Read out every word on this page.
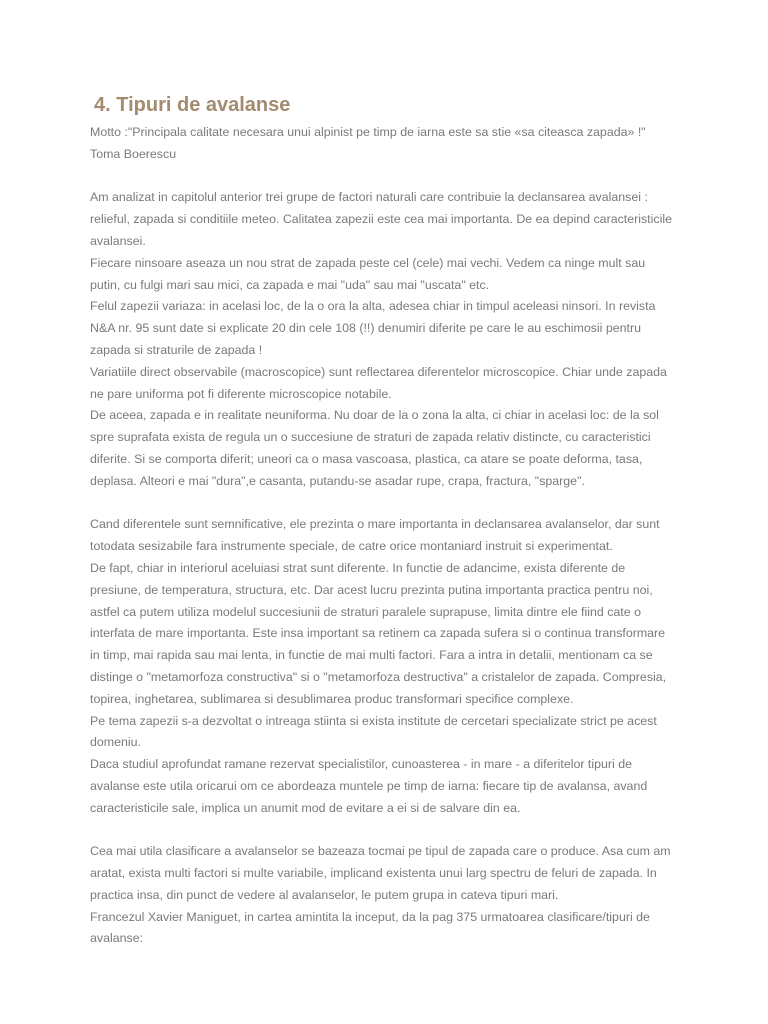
4. Tipuri de avalanse

Motto :"Principala calitate necesara unui alpinist pe timp de iarna este sa stie «sa citeasca zapada» !"

Toma Boerescu

Am analizat in capitolul anterior trei grupe de factori naturali care contribuie la declansarea avalansei : relieful, zapada si conditiile meteo. Calitatea zapezii este cea mai importanta. De ea depind caracteristicile avalansei.

Fiecare ninsoare aseaza un nou strat de zapada peste cel (cele) mai vechi. Vedem ca ninge mult sau putin, cu fulgi mari sau mici, ca zapada e mai "uda" sau mai "uscata" etc.

Felul zapezii variaza: in acelasi loc, de la o ora la alta, adesea chiar in timpul aceleasi ninsori. In revista N&A nr. 95 sunt date si explicate 20 din cele 108 (!!) denumiri diferite pe care le au eschimosii pentru zapada si straturile de zapada !

Variatiile direct observabile (macroscopice) sunt reflectarea diferentelor microscopice. Chiar unde zapada ne pare uniforma pot fi diferente microscopice notabile.

De aceea, zapada e in realitate neuniforma. Nu doar de la o zona la alta, ci chiar in acelasi loc: de la sol spre suprafata exista de regula un o succesiune de straturi de zapada relativ distincte, cu caracteristici diferite. Si se comporta diferit; uneori ca o masa vascoasa, plastica, ca atare se poate deforma, tasa, deplasa. Alteori e mai "dura",e casanta, putandu-se asadar rupe, crapa, fractura, "sparge".

Cand diferentele sunt semnificative, ele prezinta o mare importanta in declansarea avalanselor, dar sunt totodata sesizabile fara instrumente speciale, de catre orice montaniard instruit si experimentat.

De fapt, chiar in interiorul aceluiasi strat sunt diferente. In functie de adancime, exista diferente de presiune, de temperatura, structura, etc. Dar acest lucru prezinta putina importanta practica pentru noi, astfel ca putem utiliza modelul succesiunii de straturi paralele suprapuse, limita dintre ele fiind cate o interfata de mare importanta. Este insa important sa retinem ca zapada sufera si o continua transformare in timp, mai rapida sau mai lenta, in functie de mai multi factori. Fara a intra in detalii, mentionam ca se distinge o "metamorfoza constructiva" si o "metamorfoza destructiva" a cristalelor de zapada. Compresia, topirea, inghetarea, sublimarea si desublimarea produc transformari specifice complexe.

Pe tema zapezii s-a dezvoltat o intreaga stiinta si exista institute de cercetari specializate strict pe acest domeniu.

Daca studiul aprofundat ramane rezervat specialistilor, cunoasterea - in mare - a diferitelor tipuri de avalanse este utila oricarui om ce abordeaza muntele pe timp de iarna: fiecare tip de avalansa, avand caracteristicile sale, implica un anumit mod de evitare a ei si de salvare din ea.

Cea mai utila clasificare a avalanselor se bazeaza tocmai pe tipul de zapada care o produce. Asa cum am aratat, exista multi factori si multe variabile, implicand existenta unui larg spectru de feluri de zapada. In practica insa, din punct de vedere al avalanselor, le putem grupa in cateva tipuri mari.

Francezul Xavier Maniguet, in cartea amintita la inceput, da la pag 375 urmatoarea clasificare/tipuri de avalanse:
